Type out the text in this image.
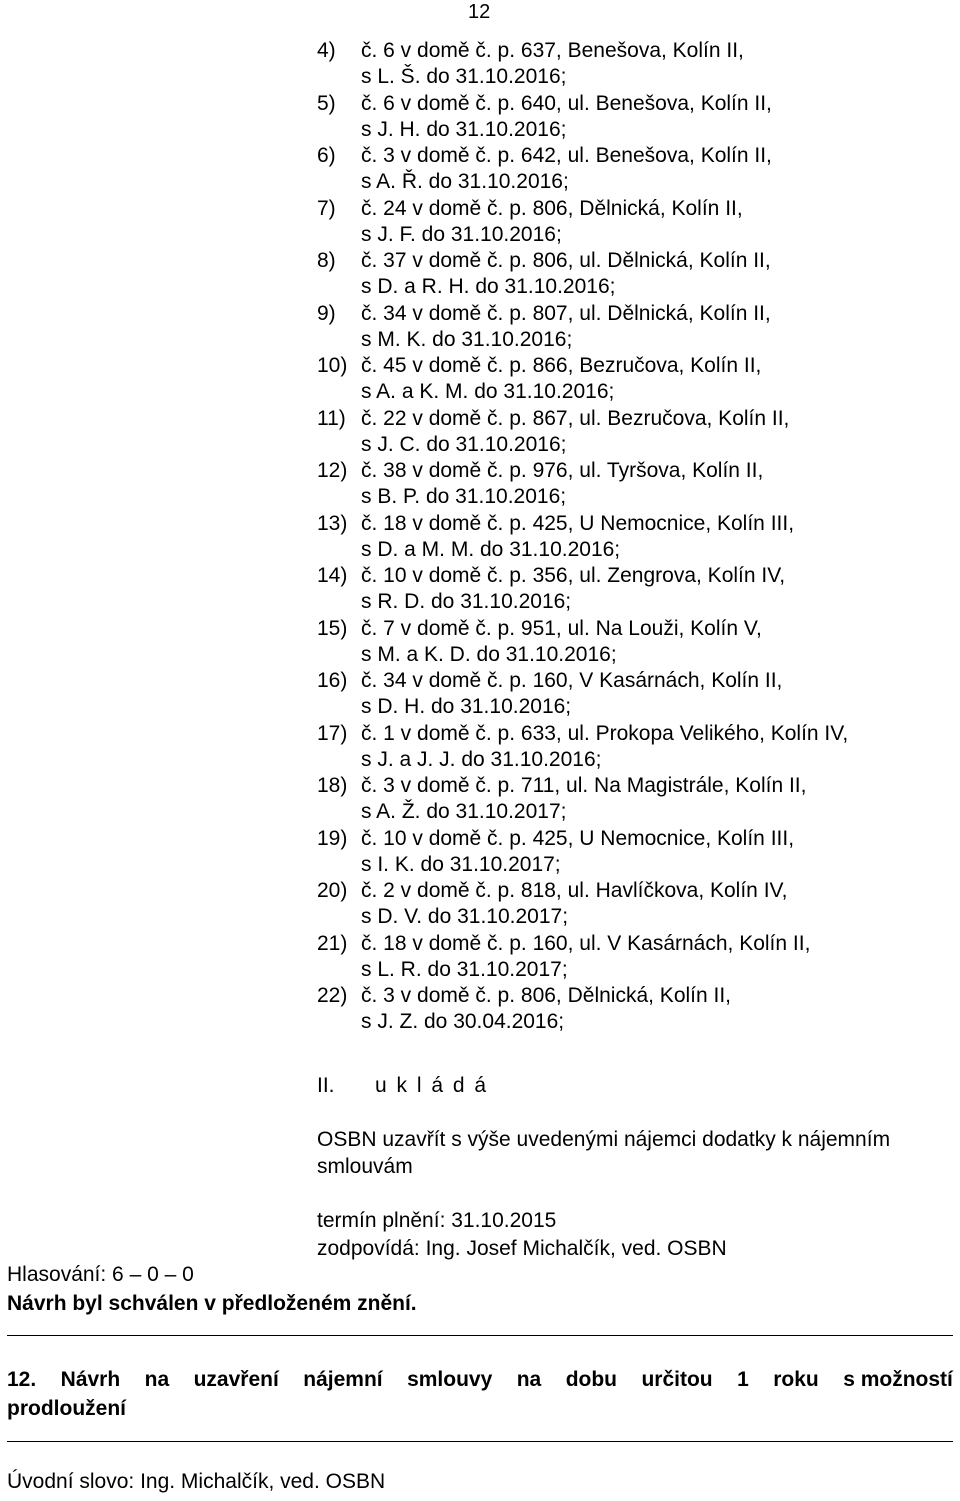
12
4)	č. 6 v domě č. p. 637, Benešova, Kolín II,
s L. Š. do 31.10.2016;
5)	č. 6 v domě č. p. 640, ul. Benešova, Kolín II,
s J. H. do 31.10.2016;
6)	č. 3 v domě č. p. 642, ul. Benešova, Kolín II,
s A. Ř. do 31.10.2016;
7)	č. 24 v domě č. p. 806, Dělnická, Kolín II,
s J. F. do 31.10.2016;
8)	č. 37 v domě č. p. 806, ul. Dělnická, Kolín II,
s D. a R. H. do 31.10.2016;
9)	č. 34 v domě č. p. 807, ul. Dělnická, Kolín II,
s M. K. do 31.10.2016;
10) č. 45 v domě č. p. 866, Bezručova, Kolín II,
s A. a K. M. do 31.10.2016;
11) č. 22 v domě č. p. 867, ul. Bezručova, Kolín II,
s J. C. do 31.10.2016;
12) č. 38 v domě č. p. 976, ul. Tyršova, Kolín II,
s B. P. do 31.10.2016;
13) č. 18 v domě č. p. 425, U Nemocnice, Kolín III,
s D. a M. M. do 31.10.2016;
14) č. 10 v domě č. p. 356, ul. Zengrova, Kolín IV,
s R. D. do 31.10.2016;
15) č. 7 v domě č. p. 951, ul. Na Louži, Kolín V,
s M. a K. D. do 31.10.2016;
16) č. 34 v domě č. p. 160, V Kasárnách, Kolín II,
s D. H. do 31.10.2016;
17) č. 1 v domě č. p. 633, ul. Prokopa Velikého, Kolín IV,
s J. a J. J. do 31.10.2016;
18) č. 3 v domě č. p. 711, ul. Na Magistrále, Kolín II,
s A. Ž. do 31.10.2017;
19) č. 10 v domě č. p. 425, U Nemocnice, Kolín III,
s I. K. do 31.10.2017;
20) č. 2 v domě č. p. 818, ul. Havlíčkova, Kolín IV,
s D. V. do 31.10.2017;
21) č. 18 v domě č. p. 160, ul. V Kasárnách, Kolín II,
s L. R. do 31.10.2017;
22) č. 3 v domě č. p. 806, Dělnická, Kolín II,
s J. Z. do 30.04.2016;
II. u k l á d á
OSBN uzavřít s výše uvedenými nájemci dodatky k nájemním smlouvám
termín plnění: 31.10.2015
zodpovídá: Ing. Josef Michalčík, ved. OSBN
Hlasování: 6 – 0 – 0
Návrh byl schválen v předloženém znění.
12. Návrh na uzavření nájemní smlouvy na dobu určitou 1 roku s možností
prodloužení
Úvodní slovo: Ing. Michalčík, ved. OSBN
